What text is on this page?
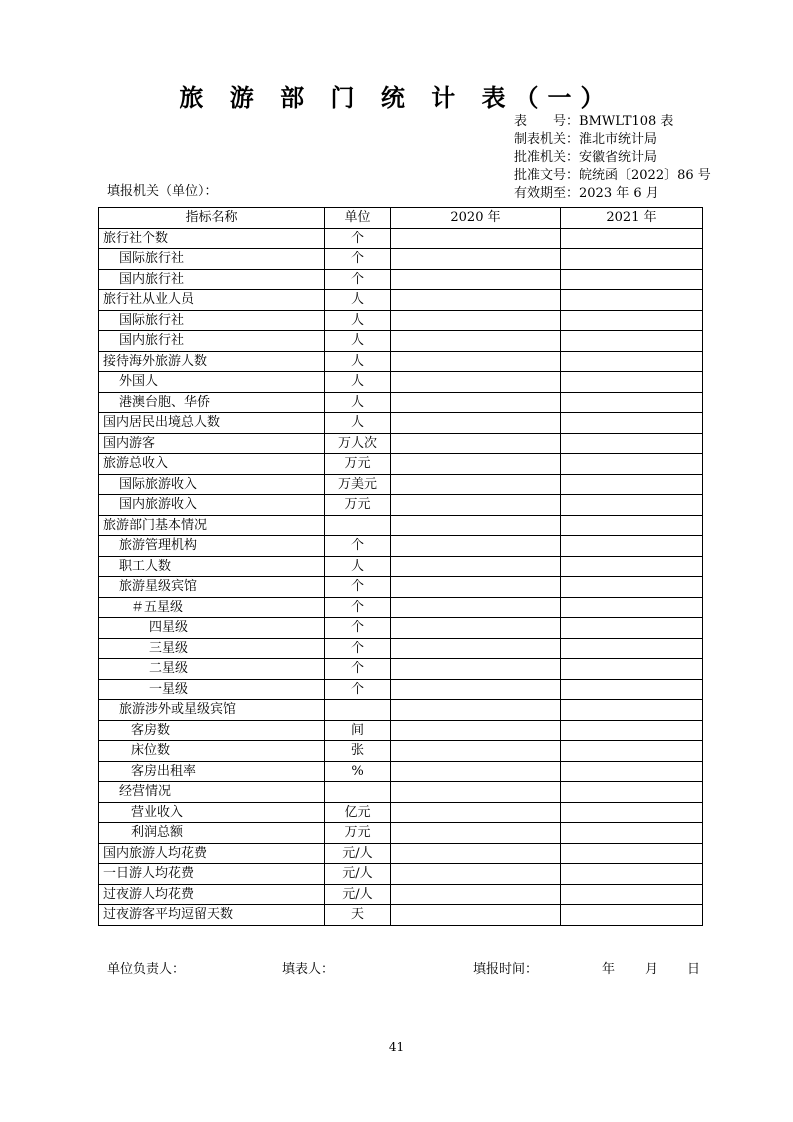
旅 游 部 门 统 计 表（一）
表　　号：BMWLT108 表
制表机关：淮北市统计局
批准机关：安徽省统计局
批准文号：皖统函〔2022〕86 号
有效期至：2023 年 6 月
填报机关（单位）：
指标名称	单位	2020 年	2021 年
旅行社个数	个		
国际旅行社	个		
国内旅行社	个		
旅行社从业人员	人		
国际旅行社	人		
国内旅行社	人		
接待海外旅游人数	人		
外国人	人		
港澳台胞、华侨	人		
国内居民出境总人数	人		
国内游客	万人次		
旅游总收入	万元		
国际旅游收入	万美元		
国内旅游收入	万元		
旅游部门基本情况			
旅游管理机构	个		
职工人数	人		
旅游星级宾馆	个		
＃五星级	个		
四星级	个		
三星级	个		
二星级	个		
一星级	个		
旅游涉外或星级宾馆			
客房数	间		
床位数	张		
客房出租率	%		
经营情况			
营业收入	亿元		
利润总额	万元		
国内旅游人均花费	元/人		
一日游人均花费	元/人		
过夜游人均花费	元/人		
过夜游客平均逗留天数	天		
单位负责人：	填表人：	填报时间：	年 月 日
41
